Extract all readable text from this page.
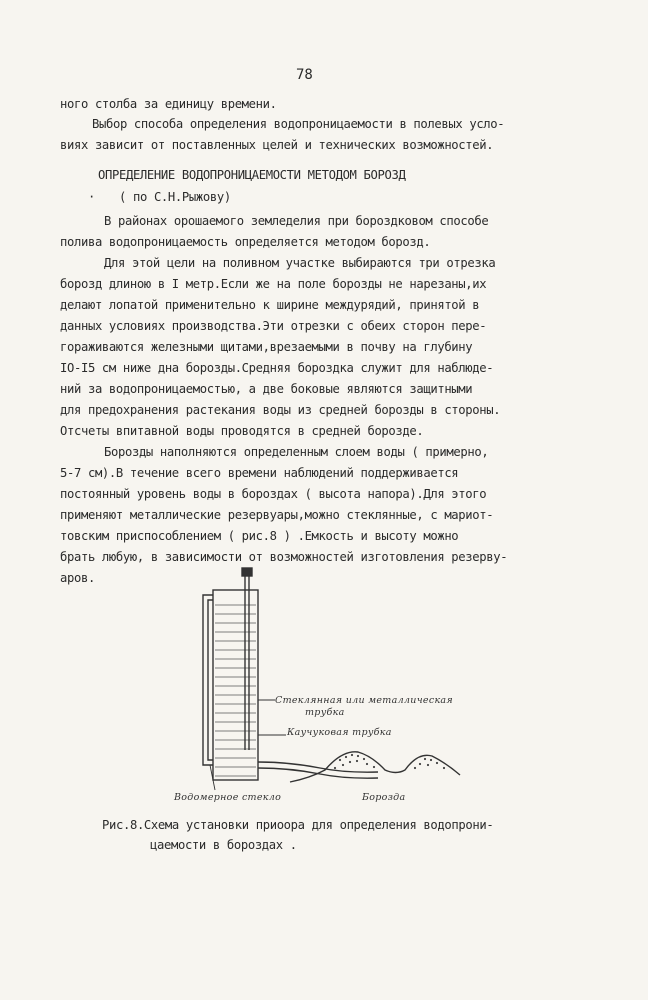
78
ного столба за единицу времени.
Выбор способа определения водопроницаемости в полевых усло-
виях зависит от поставленных целей и технических возможностей.
ОПРЕДЕЛЕНИЕ ВОДОПРОНИЦАЕМОСТИ МЕТОДОМ БОРОЗД
· ( по С.Н.Рыжову)
В районах орошаемого земледелия при бороздковом способе
полива водопроницаемость определяется методом борозд.
Для этой цели на поливном участке выбираются три отрезка
борозд длиною в I метр.Если же на поле борозды не нарезаны,их
делают лопатой применительно к ширине междурядий, принятой в
данных условиях производства.Эти отрезки с обеих сторон пере-
гораживаются железными щитами,врезаемыми в почву на глубину
IO-I5 см ниже дна борозды.Средняя бороздка служит для наблюде-
ний за водопроницаемостью, а две боковые являются защитными
для предохранения растекания воды из средней борозды в стороны.
Отсчеты впитавной воды проводятся в средней борозде.
Борозды наполняются определенным слоем воды ( примерно,
5-7 см).В течение всего времени наблюдений поддерживается
постоянный уровень воды в бороздах ( высота напора).Для этого
применяют металлические резервуары,можно стеклянные, с мариот-
товским приспособлением ( рис.8 ) .Емкость и высоту можно
брать любую, в зависимости от возможностей изготовления резерву-
аров.
Стеклянная или металлическая
трубка
Каучуковая трубка
Водомерное стекло	Борозда
Рис.8.Схема установки приоора для определения водопрони-
цаемости в бороздах .
